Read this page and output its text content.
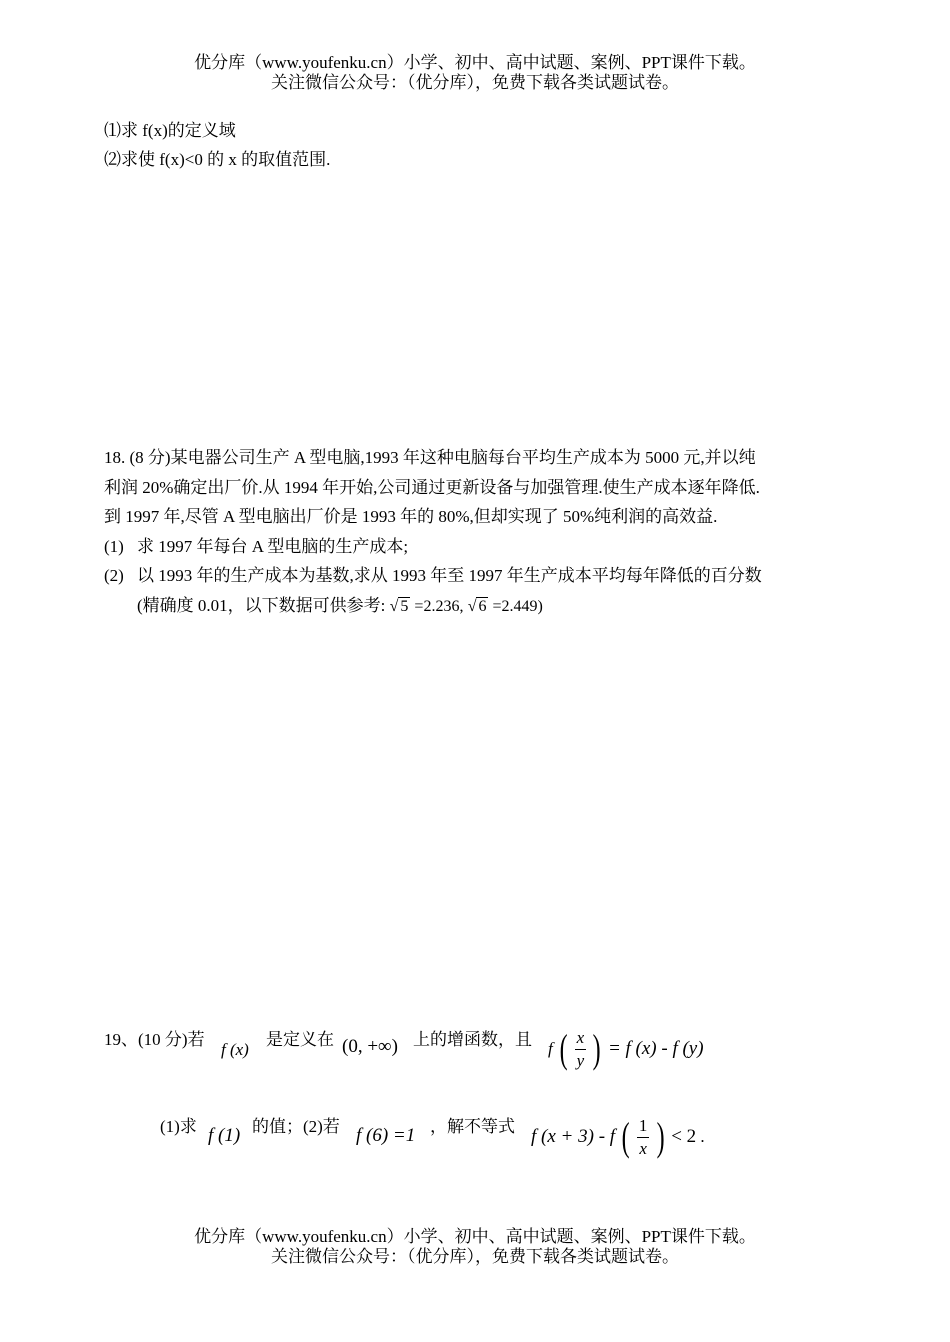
优分库（www.youfenku.cn）小学、初中、高中试题、案例、PPT课件下载。
关注微信公众号：（优分库），免费下载各类试题试卷。
⑴求 f(x)的定义域
⑵求使 f(x)<0 的 x 的取值范围.
18. (8 分)某电器公司生产 A 型电脑,1993 年这种电脑每台平均生产成本为 5000 元,并以纯
利润 20%确定出厂价.从 1994 年开始,公司通过更新设备与加强管理.使生产成本逐年降低.
到 1997 年,尽管 A 型电脑出厂价是 1993 年的 80%,但却实现了 50%纯利润的高效益.
(1) 求 1997 年每台 A 型电脑的生产成本;
(2) 以 1993 年的生产成本为基数,求从 1993 年至 1997 年生产成本平均每年降低的百分数
(精确度 0.01，以下数据可供参考: √ 5 =2.236, √ 6 =2.449)
19、(10 分)若
f (x)
是定义在 (0, +∞) 上的增函数，且 f ( $\frac{x}{y}$ ) = f (x) - f (y)
(1)求 f (1) 的值；(2)若 f (6) =1 ，解不等式 f (x + 3) - f ( $\frac{1}{x}$ ) < 2 .
优分库（www.youfenku.cn）小学、初中、高中试题、案例、PPT课件下载。
关注微信公众号：（优分库），免费下载各类试题试卷。
